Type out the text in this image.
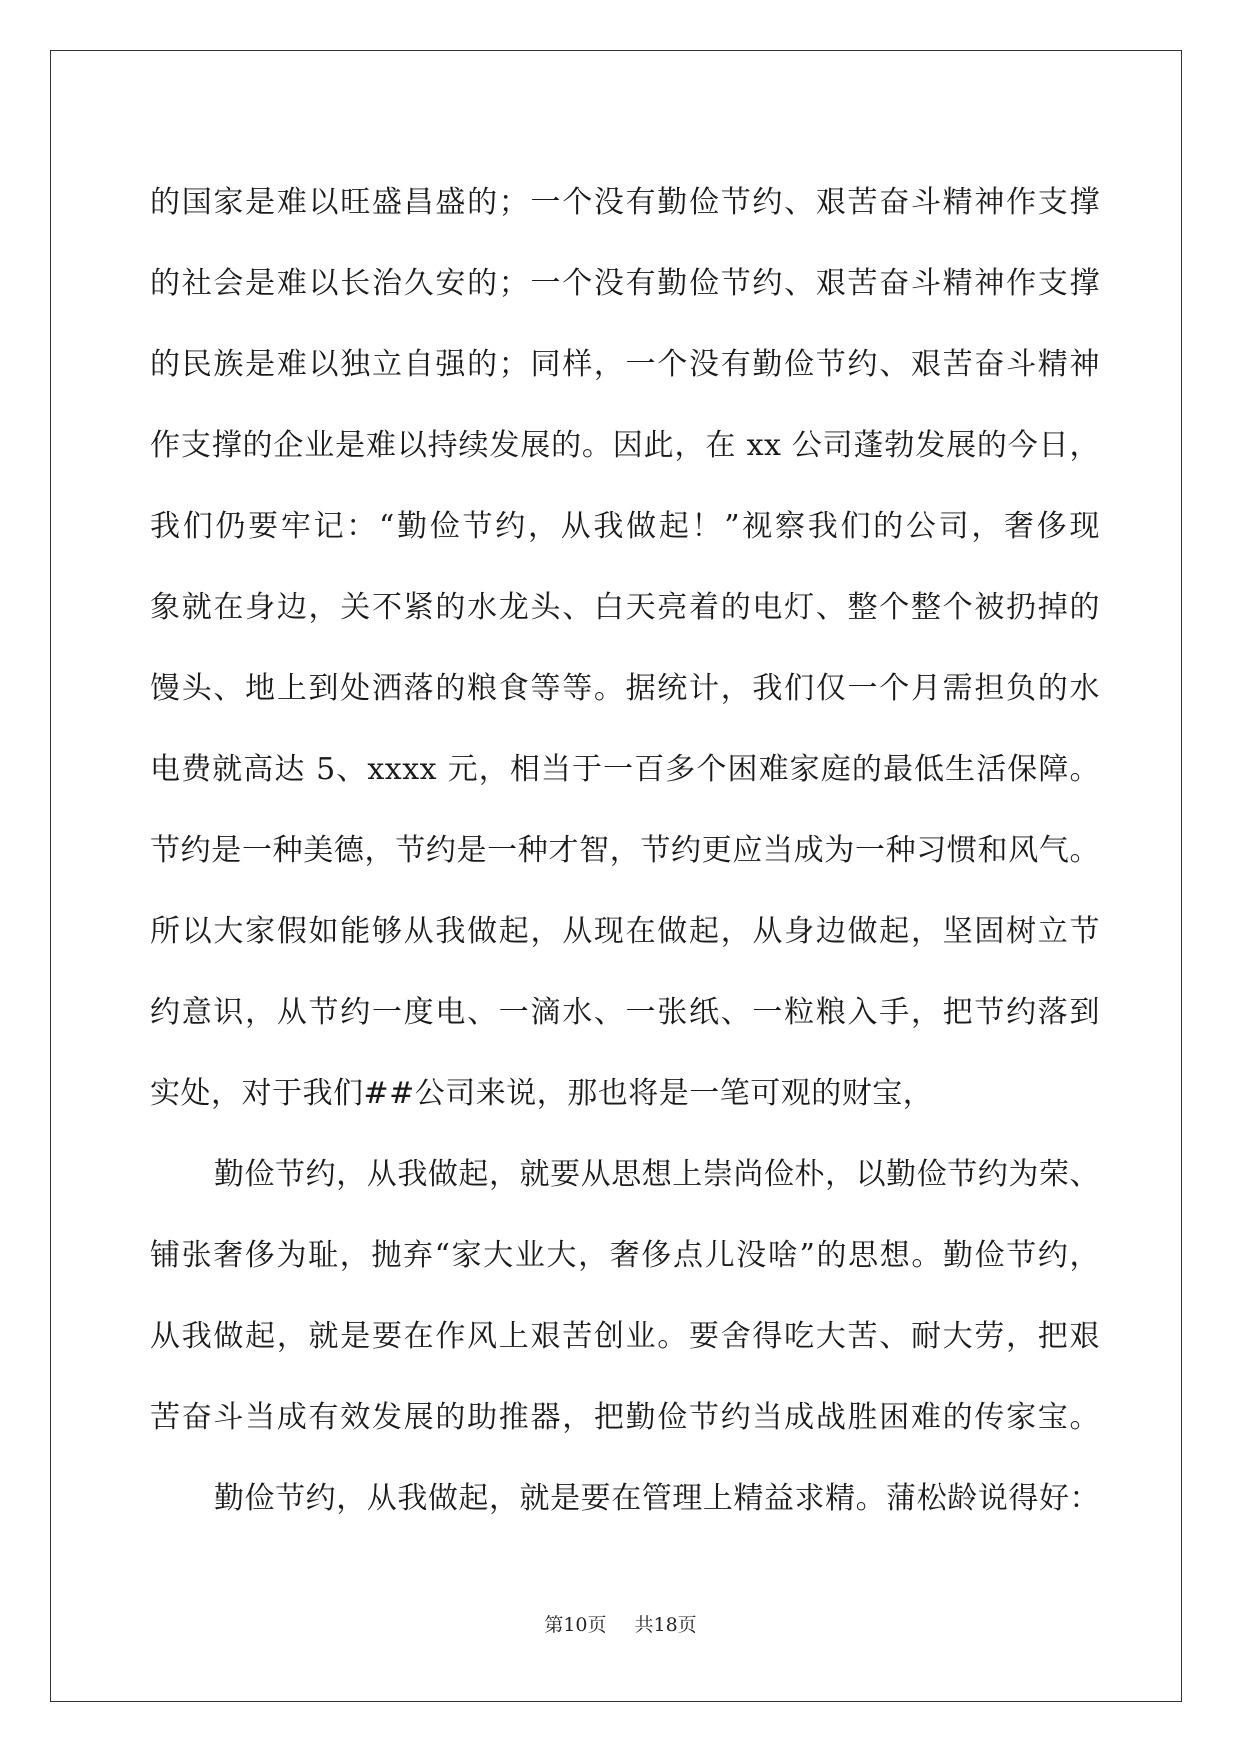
的国家是难以旺盛昌盛的；一个没有勤俭节约、艰苦奋斗精神作支撑
的社会是难以长治久安的；一个没有勤俭节约、艰苦奋斗精神作支撑
的民族是难以独立自强的；同样，一个没有勤俭节约、艰苦奋斗精神
作支撑的企业是难以持续发展的。因此，在 xx 公司蓬勃发展的今日，
我们仍要牢记：“勤俭节约，从我做起！”视察我们的公司，奢侈现
象就在身边，关不紧的水龙头、白天亮着的电灯、整个整个被扔掉的
馒头、地上到处洒落的粮食等等。据统计，我们仅一个月需担负的水
电费就高达 5、xxxx 元，相当于一百多个困难家庭的最低生活保障。
节约是一种美德，节约是一种才智，节约更应当成为一种习惯和风气。
所以大家假如能够从我做起，从现在做起，从身边做起，坚固树立节
约意识，从节约一度电、一滴水、一张纸、一粒粮入手，把节约落到
实处，对于我们##公司来说，那也将是一笔可观的财宝，
勤俭节约，从我做起，就要从思想上崇尚俭朴，以勤俭节约为荣、
铺张奢侈为耻，抛弃“家大业大，奢侈点儿没啥”的思想。勤俭节约，
从我做起，就是要在作风上艰苦创业。要舍得吃大苦、耐大劳，把艰
苦奋斗当成有效发展的助推器，把勤俭节约当成战胜困难的传家宝。
勤俭节约，从我做起，就是要在管理上精益求精。蒲松龄说得好：
第10页 共18页
